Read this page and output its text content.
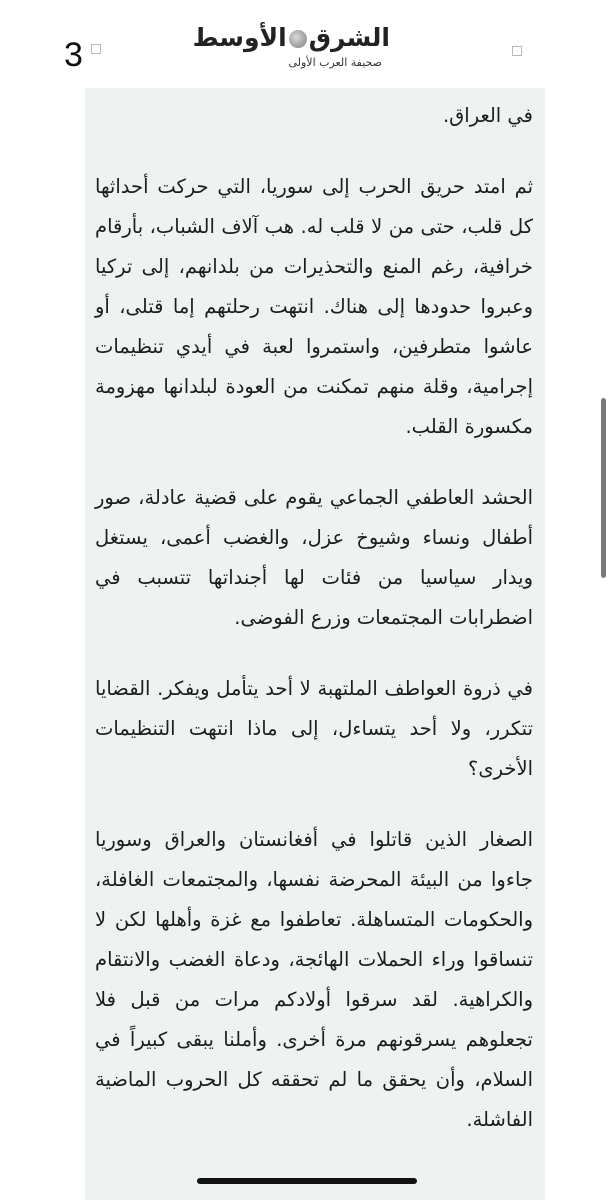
3	الشرقالأوسط
صحيفة العرب الأولى

في العراق.

ثم امتد حريق الحرب إلى سوريا، التي حركت أحداثها كل قلب، حتى من لا قلب له. هب آلاف الشباب، بأرقام خرافية، رغم المنع والتحذيرات من بلدانهم، إلى تركيا وعبروا حدودها إلى هناك. انتهت رحلتهم إما قتلى، أو عاشوا متطرفين، واستمروا لعبة في أيدي تنظيمات إجرامية، وقلة منهم تمكنت من العودة لبلدانها مهزومة مكسورة القلب.

الحشد العاطفي الجماعي يقوم على قضية عادلة، صور أطفال ونساء وشيوخ عزل، والغضب أعمى، يستغل ويدار سياسيا من فئات لها أجنداتها تتسبب في اضطرابات المجتمعات وزرع الفوضى.

في ذروة العواطف الملتهبة لا أحد يتأمل ويفكر. القضايا تتكرر، ولا أحد يتساءل، إلى ماذا انتهت التنظيمات الأخرى؟

الصغار الذين قاتلوا في أفغانستان والعراق وسوريا جاءوا من البيئة المحرضة نفسها، والمجتمعات الغافلة، والحكومات المتساهلة. تعاطفوا مع غزة وأهلها لكن لا تنساقوا وراء الحملات الهائجة، ودعاة الغضب والانتقام والكراهية. لقد سرقوا أولادكم مرات من قبل فلا تجعلوهم يسرقونهم مرة أخرى. وأملنا يبقى كبيراً في السلام، وأن يحقق ما لم تحققه كل الحروب الماضية الفاشلة.
